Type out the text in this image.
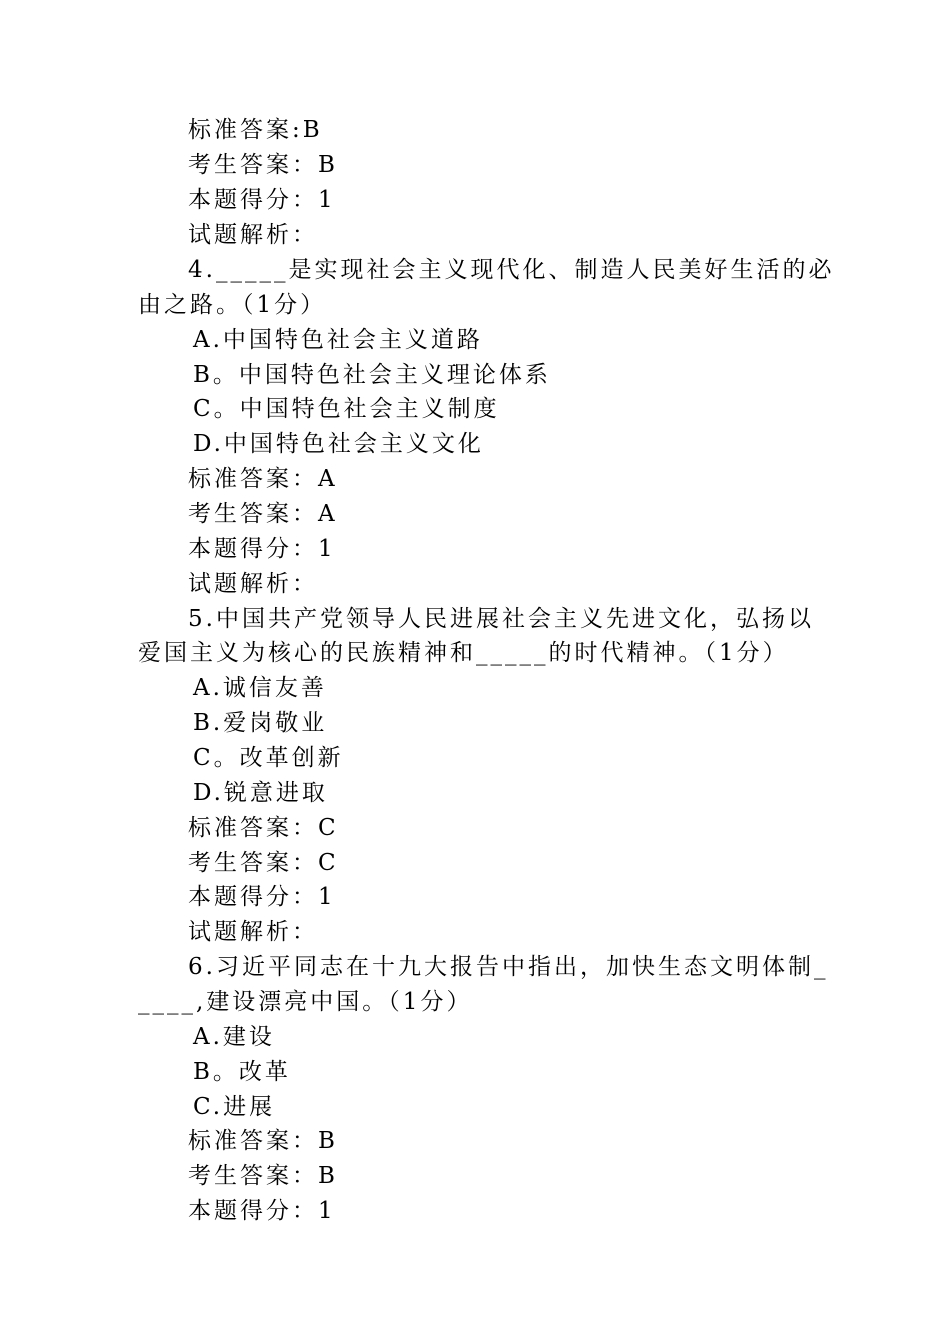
标准答案:B
考生答案：B
本题得分：1
试题解析：
4._____是实现社会主义现代化、制造人民美好生活的必
由之路。（1分）
A.中国特色社会主义道路
B。中国特色社会主义理论体系
C。中国特色社会主义制度
D.中国特色社会主义文化
标准答案：A
考生答案：A
本题得分：1
试题解析：
5.中国共产党领导人民进展社会主义先进文化，弘扬以
爱国主义为核心的民族精神和_____的时代精神。（1分）
A.诚信友善
B.爱岗敬业
C。改革创新
D.锐意进取
标准答案：C
考生答案：C
本题得分：1
试题解析：
6.习近平同志在十九大报告中指出，加快生态文明体制_
____,建设漂亮中国。（1分）
A.建设
B。改革
C.进展
标准答案：B
考生答案：B
本题得分：1
